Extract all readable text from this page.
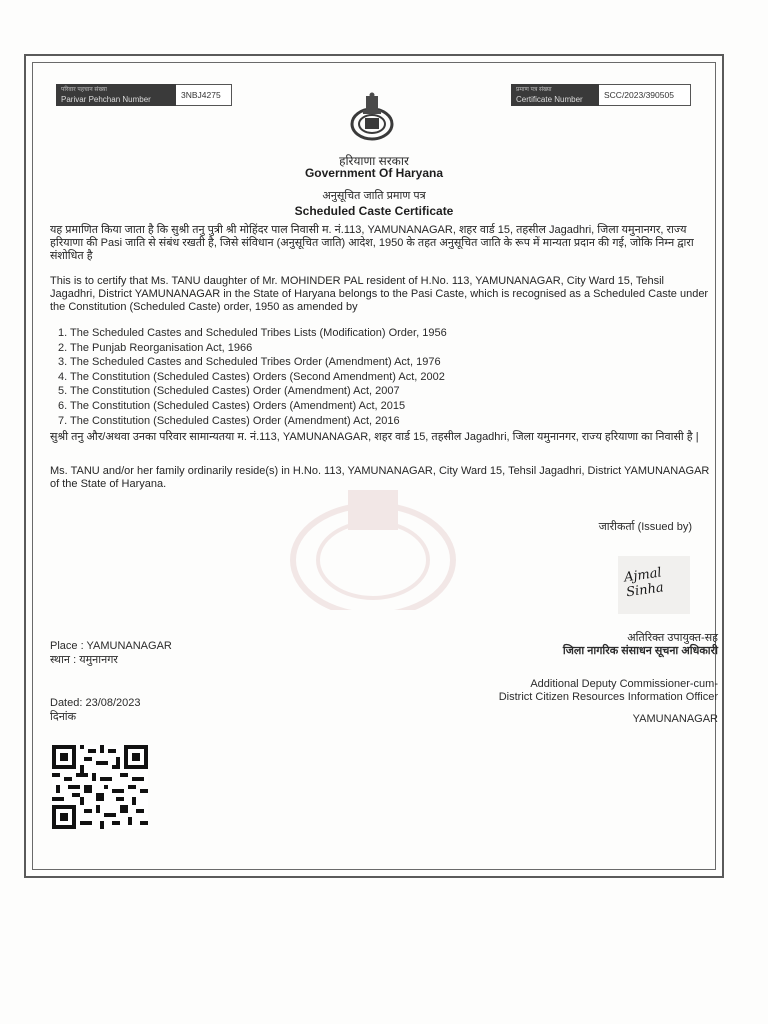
परिवार पहचान संख्या
Parivar Pehchan Number	3NBJ4275	प्रमाण पत्र संख्या
Certificate Number	SCC/2023/390505
हरियाणा सरकार
Government Of Haryana
अनुसूचित जाति प्रमाण पत्र
Scheduled Caste Certificate
यह प्रमाणित किया जाता है कि सुश्री तनु पुत्री श्री मोहिंदर पाल निवासी म. नं.113, YAMUNANAGAR, शहर वार्ड 15, तहसील Jagadhri, जिला यमुनानगर, राज्य हरियाणा की Pasi जाति से संबंध रखती है, जिसे संविधान (अनुसूचित जाति) आदेश, 1950 के तहत अनुसूचित जाति के रूप में मान्यता प्रदान की गई, जोकि निम्न द्वारा संशोधित है
This is to certify that Ms. TANU daughter of Mr. MOHINDER PAL resident of H.No. 113, YAMUNANAGAR, City Ward 15, Tehsil Jagadhri, District YAMUNANAGAR in the State of Haryana belongs to the Pasi Caste, which is recognised as a Scheduled Caste under the Constitution (Scheduled Caste) order, 1950 as amended by
1. The Scheduled Castes and Scheduled Tribes Lists (Modification) Order, 1956
2. The Punjab Reorganisation Act, 1966
3. The Scheduled Castes and Scheduled Tribes Order (Amendment) Act, 1976
4. The Constitution (Scheduled Castes) Orders (Second Amendment) Act, 2002
5. The Constitution (Scheduled Castes) Order (Amendment) Act, 2007
6. The Constitution (Scheduled Castes) Orders (Amendment) Act, 2015
7. The Constitution (Scheduled Castes) Order (Amendment) Act, 2016
सुश्री तनु और/अथवा उनका परिवार सामान्यतया म. नं.113, YAMUNANAGAR, शहर वार्ड 15, तहसील Jagadhri, जिला यमुनानगर, राज्य हरियाणा का निवासी है |
Ms. TANU and/or her family ordinarily reside(s) in H.No. 113, YAMUNANAGAR, City Ward 15, Tehsil Jagadhri, District YAMUNANAGAR of the State of Haryana.
जारीकर्ता (Issued by)
Ajmal Sinha
Place : YAMUNANAGAR
स्थान : यमुनानगर
Dated: 23/08/2023
दिनांक
अतिरिक्त उपायुक्त-सह
जिला नागरिक संसाधन सूचना अधिकारी
Additional Deputy Commissioner-cum-
District Citizen Resources Information Officer
YAMUNANAGAR
